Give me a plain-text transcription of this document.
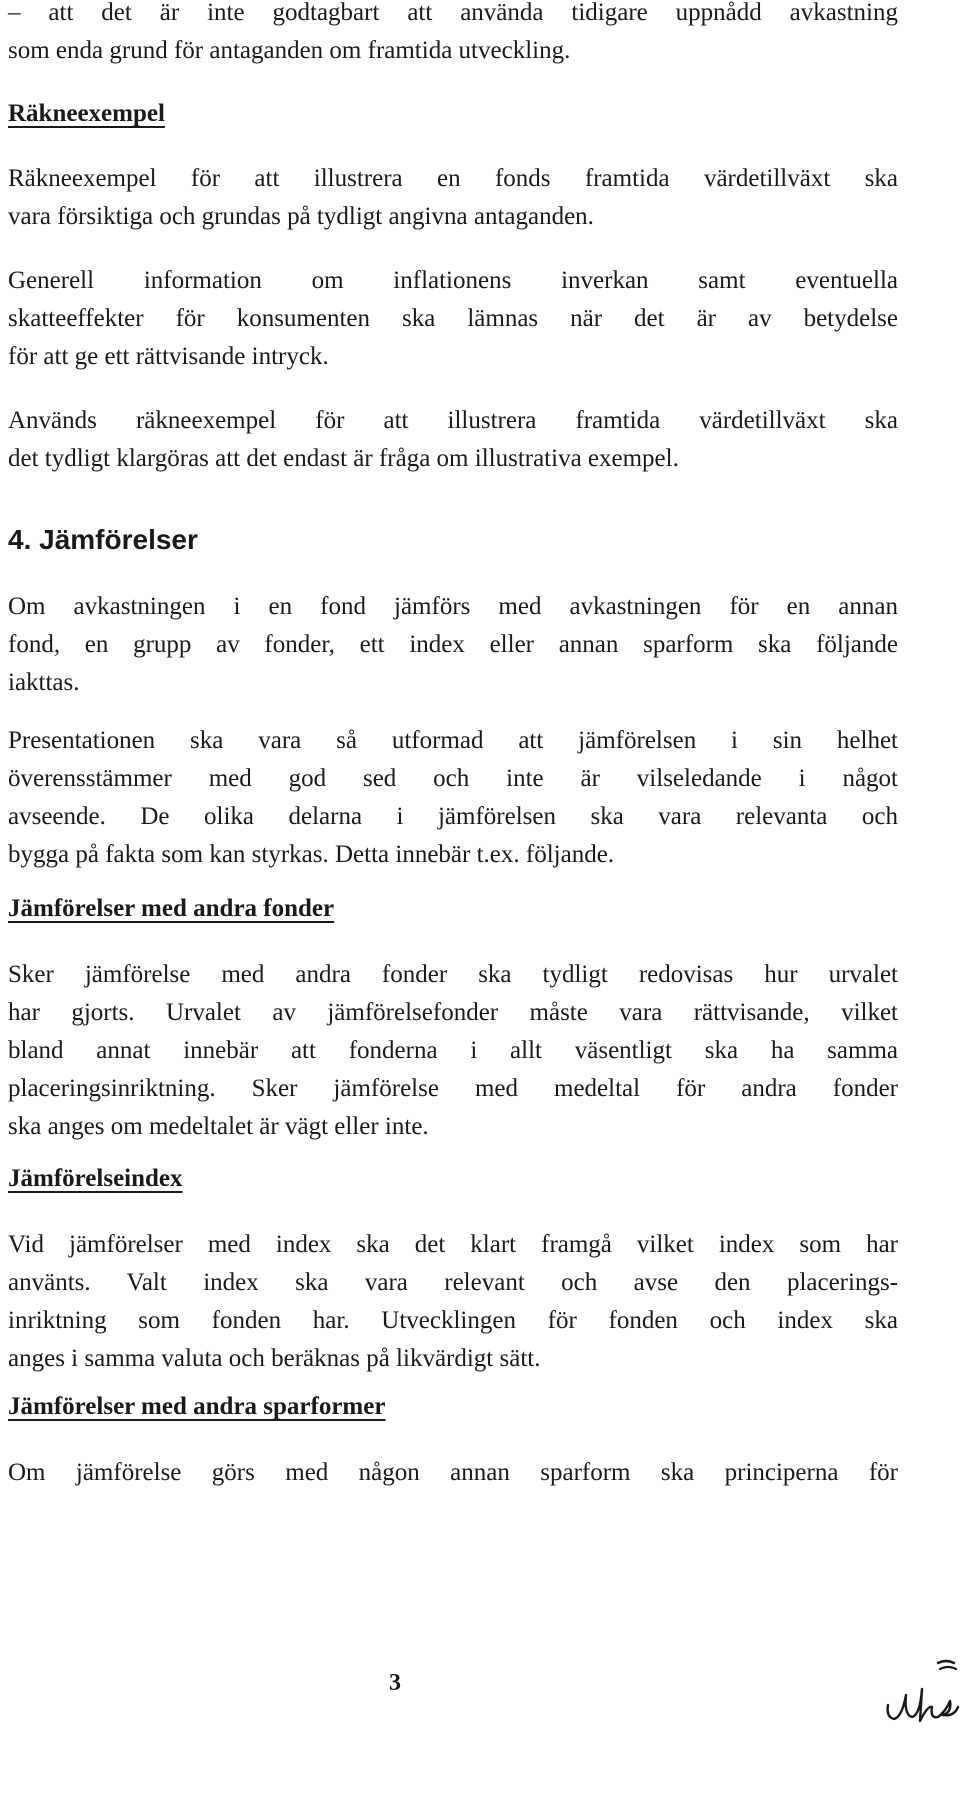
– att det är inte godtagbart att använda tidigare uppnådd avkastning
som enda grund för antaganden om framtida utveckling.

Räkneexempel

Räkneexempel för att illustrera en fonds framtida värdetillväxt ska
vara försiktiga och grundas på tydligt angivna antaganden.

Generell information om inflationens inverkan samt eventuella
skatteeffekter för konsumenten ska lämnas när det är av betydelse
för att ge ett rättvisande intryck.

Används räkneexempel för att illustrera framtida värdetillväxt ska
det tydligt klargöras att det endast är fråga om illustrativa exempel.

4. Jämförelser

Om avkastningen i en fond jämförs med avkastningen för en annan
fond, en grupp av fonder, ett index eller annan sparform ska följande
iakttas.

Presentationen ska vara så utformad att jämförelsen i sin helhet
överensstämmer med god sed och inte är vilseledande i något
avseende. De olika delarna i jämförelsen ska vara relevanta och
bygga på fakta som kan styrkas. Detta innebär t.ex. följande.

Jämförelser med andra fonder

Sker jämförelse med andra fonder ska tydligt redovisas hur urvalet
har gjorts. Urvalet av jämförelsefonder måste vara rättvisande, vilket
bland annat innebär att fonderna i allt väsentligt ska ha samma
placeringsinriktning. Sker jämförelse med medeltal för andra fonder
ska anges om medeltalet är vägt eller inte.

Jämförelseindex

Vid jämförelser med index ska det klart framgå vilket index som har
använts. Valt index ska vara relevant och avse den placerings-
inriktning som fonden har. Utvecklingen för fonden och index ska
anges i samma valuta och beräknas på likvärdigt sätt.

Jämförelser med andra sparformer

Om jämförelse görs med någon annan sparform ska principerna för

3
